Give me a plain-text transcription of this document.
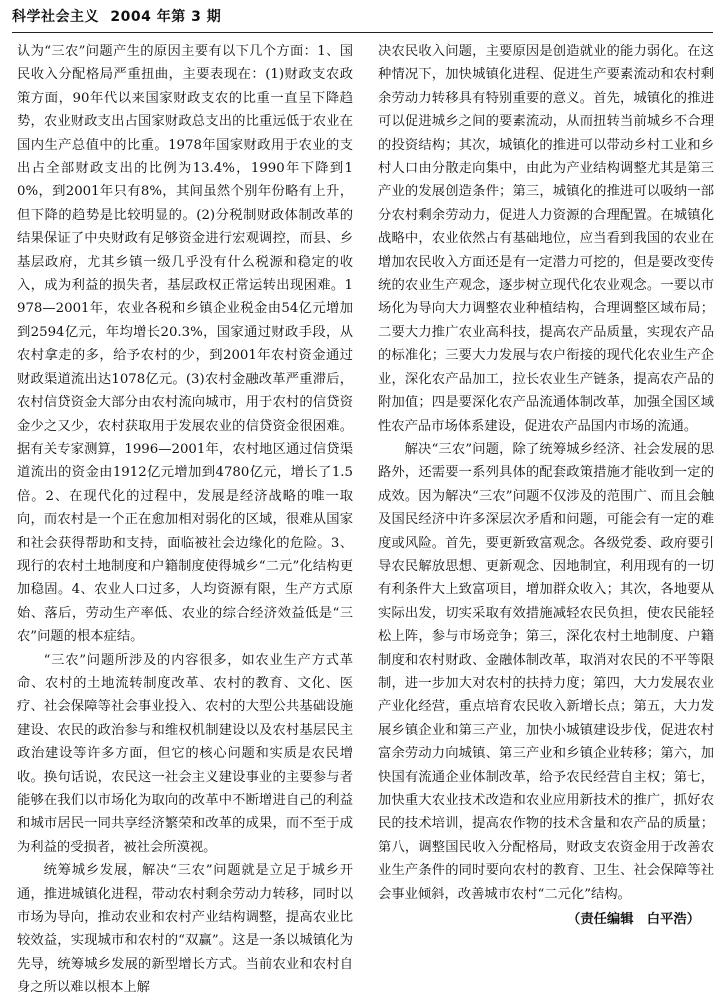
科学社会主义 2004 年第 3 期

认为“三农”问题产生的原因主要有以下几个方面：1、国民收入分配格局严重扭曲，主要表现在：(1)财政支农政策方面，90年代以来国家财政支农的比重一直呈下降趋势，农业财政支出占国家财政总支出的比重远低于农业在国内生产总值中的比重。1978年国家财政用于农业的支出占全部财政支出的比例为13.4%，1990年下降到10%，到2001年只有8%，其间虽然个别年份略有上升，但下降的趋势是比较明显的。(2)分税制财政体制改革的结果保证了中央财政有足够资金进行宏观调控，而县、乡基层政府，尤其乡镇一级几乎没有什么税源和稳定的收入，成为利益的损失者，基层政权正常运转出现困难。1978—2001年，农业各税和乡镇企业税金由54亿元增加到2594亿元，年均增长20.3%，国家通过财政手段，从农村拿走的多，给予农村的少，到2001年农村资金通过财政渠道流出达1078亿元。(3)农村金融改革严重滞后，农村信贷资金大部分由农村流向城市，用于农村的信贷资金少之又少，农村获取用于发展农业的信贷资金很困难。据有关专家测算，1996—2001年，农村地区通过信贷渠道流出的资金由1912亿元增加到4780亿元，增长了1.5倍。2、在现代化的过程中，发展是经济战略的唯一取向，而农村是一个正在愈加相对弱化的区域，很难从国家和社会获得帮助和支持，面临被社会边缘化的危险。3、现行的农村土地制度和户籍制度使得城乡“二元”化结构更加稳固。4、农业人口过多，人均资源有限，生产方式原始、落后，劳动生产率低、农业的综合经济效益低是“三农”问题的根本症结。

“三农”问题所涉及的内容很多，如农业生产方式革命、农村的土地流转制度改革、农村的教育、文化、医疗、社会保障等社会事业投入、农村的大型公共基础设施建设、农民的政治参与和维权机制建设以及农村基层民主政治建设等许多方面，但它的核心问题和实质是农民增收。换句话说，农民这一社会主义建设事业的主要参与者能够在我们以市场化为取向的改革中不断增进自己的利益和城市居民一同共享经济繁荣和改革的成果，而不至于成为利益的受损者，被社会所漠视。

统筹城乡发展，解决“三农”问题就是立足于城乡开通，推进城镇化进程，带动农村剩余劳动力转移，同时以市场为导向，推动农业和农村产业结构调整，提高农业比较效益，实现城市和农村的“双赢”。这是一条以城镇化为先导，统筹城乡发展的新型增长方式。当前农业和农村自身之所以难以根本上解

决农民收入问题，主要原因是创造就业的能力弱化。在这种情况下，加快城镇化进程、促进生产要素流动和农村剩余劳动力转移具有特别重要的意义。首先，城镇化的推进可以促进城乡之间的要素流动，从而扭转当前城乡不合理的投资结构；其次，城镇化的推进可以带动乡村工业和乡村人口由分散走向集中，由此为产业结构调整尤其是第三产业的发展创造条件；第三，城镇化的推进可以吸纳一部分农村剩余劳动力，促进人力资源的合理配置。在城镇化战略中，农业依然占有基础地位，应当看到我国的农业在增加农民收入方面还是有一定潜力可挖的，但是要改变传统的农业生产观念，逐步树立现代化农业观念。一要以市场化为导向大力调整农业种植结构，合理调整区域布局；二要大力推广农业高科技，提高农产品质量，实现农产品的标准化；三要大力发展与农户衔接的现代化农业生产企业，深化农产品加工，拉长农业生产链条，提高农产品的附加值；四是要深化农产品流通体制改革，加强全国区域性农产品市场体系建设，促进农产品国内市场的流通。

解决“三农”问题，除了统筹城乡经济、社会发展的思路外，还需要一系列具体的配套政策措施才能收到一定的成效。因为解决“三农”问题不仅涉及的范围广、而且会触及国民经济中许多深层次矛盾和问题，可能会有一定的难度或风险。首先，要更新致富观念。各级党委、政府要引导农民解放思想、更新观念、因地制宜，利用现有的一切有利条件大上致富项目，增加群众收入；其次，各地要从实际出发，切实采取有效措施减轻农民负担，使农民能轻松上阵，参与市场竞争；第三，深化农村土地制度、户籍制度和农村财政、金融体制改革，取消对农民的不平等限制，进一步加大对农村的扶持力度；第四，大力发展农业产业化经营，重点培育农民收入新增长点；第五，大力发展乡镇企业和第三产业，加快小城镇建设步伐，促进农村富余劳动力向城镇、第三产业和乡镇企业转移；第六，加快国有流通企业体制改革，给予农民经营自主权；第七，加快重大农业技术改造和农业应用新技术的推广，抓好农民的技术培训，提高农作物的技术含量和农产品的质量；第八，调整国民收入分配格局，财政支农资金用于改善农业生产条件的同时要向农村的教育、卫生、社会保障等社会事业倾斜，改善城市农村“二元化”结构。

（责任编辑　白平浩）
